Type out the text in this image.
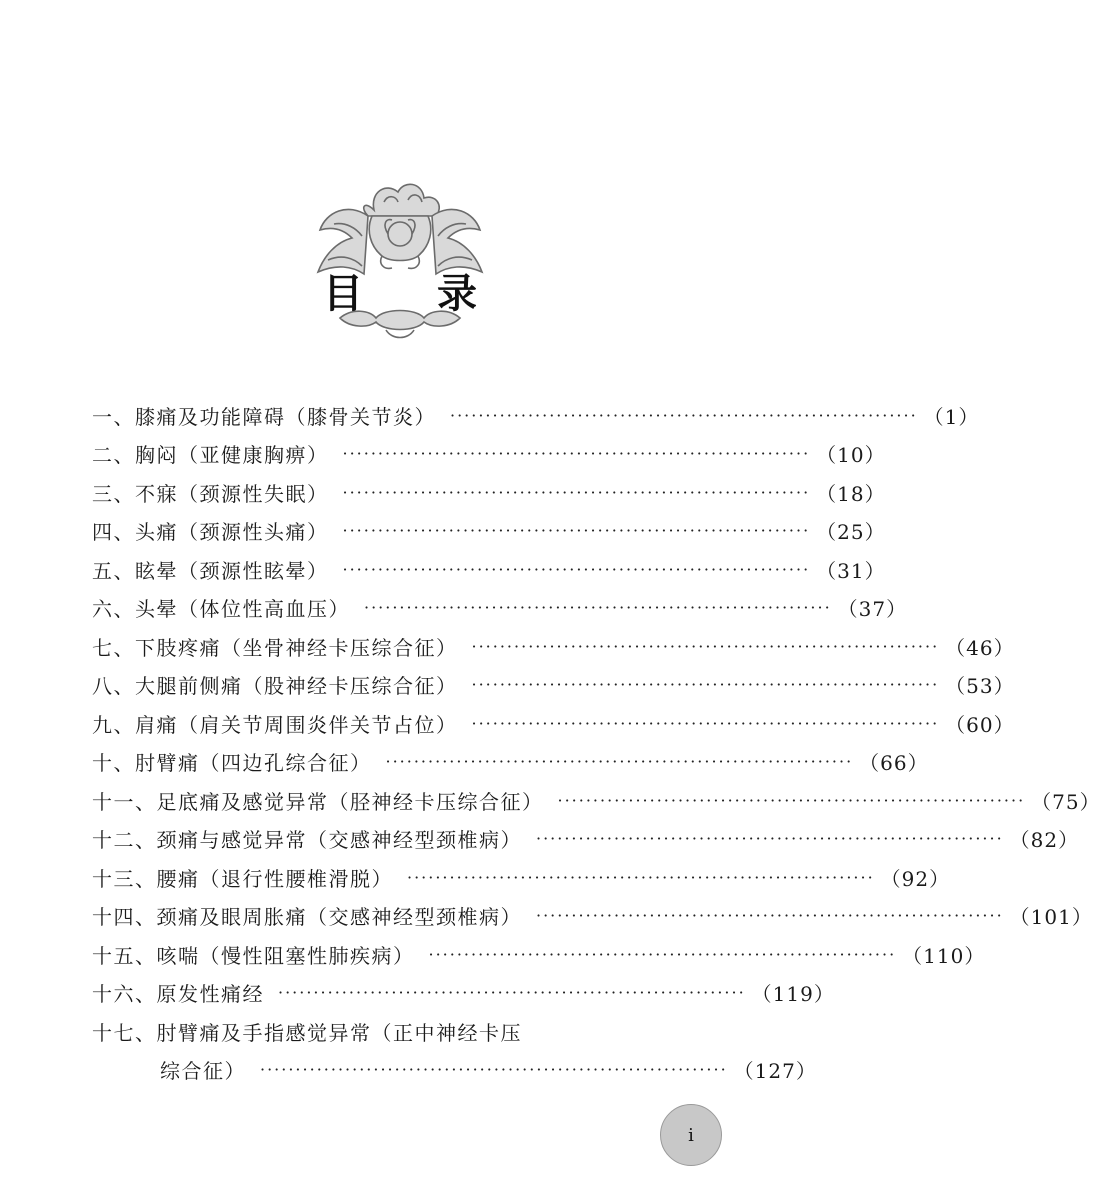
目 录
一、膝痛及功能障碍（膝骨关节炎） ·································································· （1）
二、胸闷（亚健康胸痹） ·································································· （10）
三、不寐（颈源性失眠） ·································································· （18）
四、头痛（颈源性头痛） ·································································· （25）
五、眩晕（颈源性眩晕） ·································································· （31）
六、头晕（体位性高血压） ·································································· （37）
七、下肢疼痛（坐骨神经卡压综合征） ·································································· （46）
八、大腿前侧痛（股神经卡压综合征） ·································································· （53）
九、肩痛（肩关节周围炎伴关节占位） ·································································· （60）
十、肘臂痛（四边孔综合征） ·································································· （66）
十一、足底痛及感觉异常（胫神经卡压综合征） ·································································· （75）
十二、颈痛与感觉异常（交感神经型颈椎病） ·································································· （82）
十三、腰痛（退行性腰椎滑脱） ·································································· （92）
十四、颈痛及眼周胀痛（交感神经型颈椎病） ·································································· （101）
十五、咳喘（慢性阻塞性肺疾病） ·································································· （110）
十六、原发性痛经 ·································································· （119）
十七、肘臂痛及手指感觉异常（正中神经卡压
综合征） ·································································· （127）
i
